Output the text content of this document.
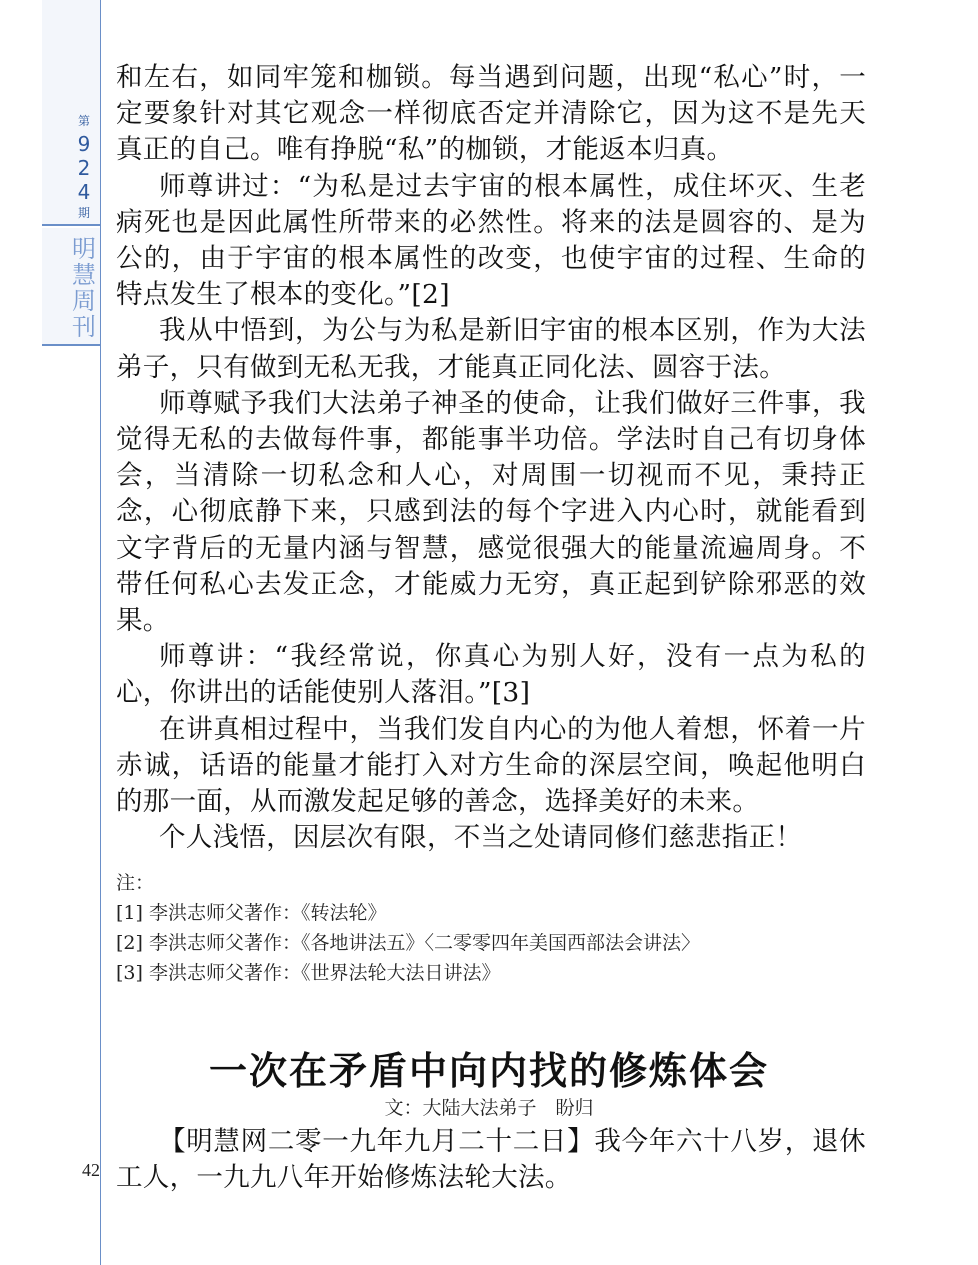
第
9
2
4
期
明
慧
周
刊
42

和左右，如同牢笼和枷锁。每当遇到问题，出现“私心”时，一定要象针对其它观念一样彻底否定并清除它，因为这不是先天真正的自己。唯有挣脱“私”的枷锁，才能返本归真。

师尊讲过：“为私是过去宇宙的根本属性，成住坏灭、生老病死也是因此属性所带来的必然性。将来的法是圆容的、是为公的，由于宇宙的根本属性的改变，也使宇宙的过程、生命的特点发生了根本的变化。”[2]

我从中悟到，为公与为私是新旧宇宙的根本区别，作为大法弟子，只有做到无私无我，才能真正同化法、圆容于法。

师尊赋予我们大法弟子神圣的使命，让我们做好三件事，我觉得无私的去做每件事，都能事半功倍。学法时自己有切身体会，当清除一切私念和人心，对周围一切视而不见，秉持正念，心彻底静下来，只感到法的每个字进入内心时，就能看到文字背后的无量内涵与智慧，感觉很强大的能量流遍周身。不带任何私心去发正念，才能威力无穷，真正起到铲除邪恶的效果。

师尊讲：“我经常说，你真心为别人好，没有一点为私的心，你讲出的话能使别人落泪。”[3]

在讲真相过程中，当我们发自内心的为他人着想，怀着一片赤诚，话语的能量才能打入对方生命的深层空间，唤起他明白的那一面，从而激发起足够的善念，选择美好的未来。

个人浅悟，因层次有限，不当之处请同修们慈悲指正！

注：

[1] 李洪志师父著作：《转法轮》

[2] 李洪志师父著作：《各地讲法五》〈二零零四年美国西部法会讲法〉

[3] 李洪志师父著作：《世界法轮大法日讲法》

一次在矛盾中向内找的修炼体会
文：大陆大法弟子　盼归

【明慧网二零一九年九月二十二日】我今年六十八岁，退休工人，一九九八年开始修炼法轮大法。
